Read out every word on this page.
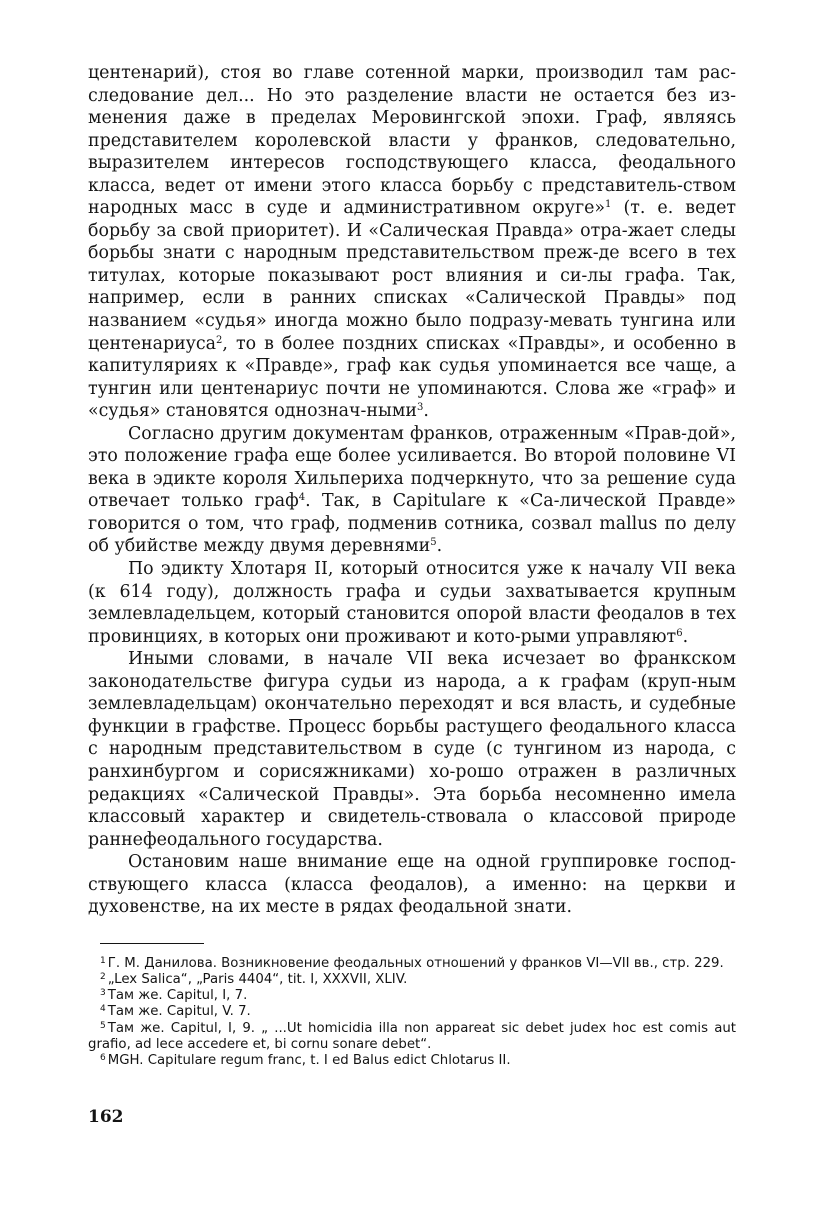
центенарий), стоя во главе сотенной марки, производил там рас-следование дел... Но это разделение власти не остается без из-менения даже в пределах Меровингской эпохи. Граф, являясь представителем королевской власти у франков, следовательно, выразителем интересов господствующего класса, феодального класса, ведет от имени этого класса борьбу с представитель-ством народных масс в суде и административном округе»$^1$ (т. е. ведет борьбу за свой приоритет). И «Салическая Правда» отра-жает следы борьбы знати с народным представительством преж-де всего в тех титулах, которые показывают рост влияния и си-лы графа. Так, например, если в ранних списках «Салической Правды» под названием «судья» иногда можно было подразу-мевать тунгина или центенариуса$^2$, то в более поздних списках «Правды», и особенно в капитуляриях к «Правде», граф как судья упоминается все чаще, а тунгин или центенариус почти не упоминаются. Слова же «граф» и «судья» становятся однознач-ными$^3$.

Согласно другим документам франков, отраженным «Прав-дой», это положение графа еще более усиливается. Во второй половине VI века в эдикте короля Хильпериха подчеркнуто, что за решение суда отвечает только граф$^4$. Так, в Capitulare к «Са-лической Правде» говорится о том, что граф, подменив сотника, созвал mallus по делу об убийстве между двумя деревнями$^5$.

По эдикту Хлотаря II, который относится уже к началу VII века (к 614 году), должность графа и судьи захватывается крупным землевладельцем, который становится опорой власти феодалов в тех провинциях, в которых они проживают и кото-рыми управляют$^6$.

Иными словами, в начале VII века исчезает во франкском законодательстве фигура судьи из народа, а к графам (круп-ным землевладельцам) окончательно переходят и вся власть, и судебные функции в графстве. Процесс борьбы растущего феодального класса с народным представительством в суде (с тунгином из народа, с ранхинбургом и сорисяжниками) хо-рошо отражен в различных редакциях «Салической Правды». Эта борьба несомненно имела классовый характер и свидетель-ствовала о классовой природе раннефеодального государства.

Остановим наше внимание еще на одной группировке господ-ствующего класса (класса феодалов), а именно: на церкви и духовенстве, на их месте в рядах феодальной знати.

$^1$ Г. М. Данилова. Возникновение феодальных отношений у франков VI—VII вв., стр. 229.

$^2$ „Lex Salica“, „Paris 4404“, tit. I, XXXVII, XLIV.

$^3$ Там же. Capitul, I, 7.

$^4$ Там же. Capitul, V. 7.

$^5$ Там же. Capitul, I, 9. „ ...Ut homicidia illa non appareat sic debet judex hoc est comis aut grafio, ad lece accedere et, bi cornu sonare debet“.

$^6$ MGH. Capitulare regum franc, t. I ed Balus edict Chlotarus II.

162
